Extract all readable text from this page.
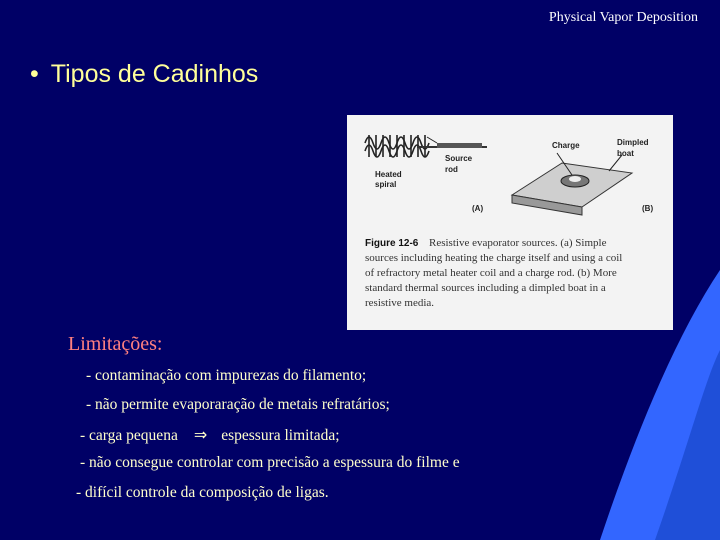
Physical Vapor Deposition
• Tipos de Cadinhos
Heated
spiral
Source
rod
Charge	Dimpled
boat
(A)	(B)
Figure 12-6 Resistive evaporator sources. (a) Simple
sources including heating the charge itself and using a coil
of refractory metal heater coil and a charge rod. (b) More
standard thermal sources including a dimpled boat in a
resistive media.
Limitações:
- contaminação com impurezas do filamento;
- não permite evaporaração de metais refratários;
- carga pequena ⇒ espessura limitada;
- não consegue controlar com precisão a espessura do filme e
- difícil controle da composição de ligas.
